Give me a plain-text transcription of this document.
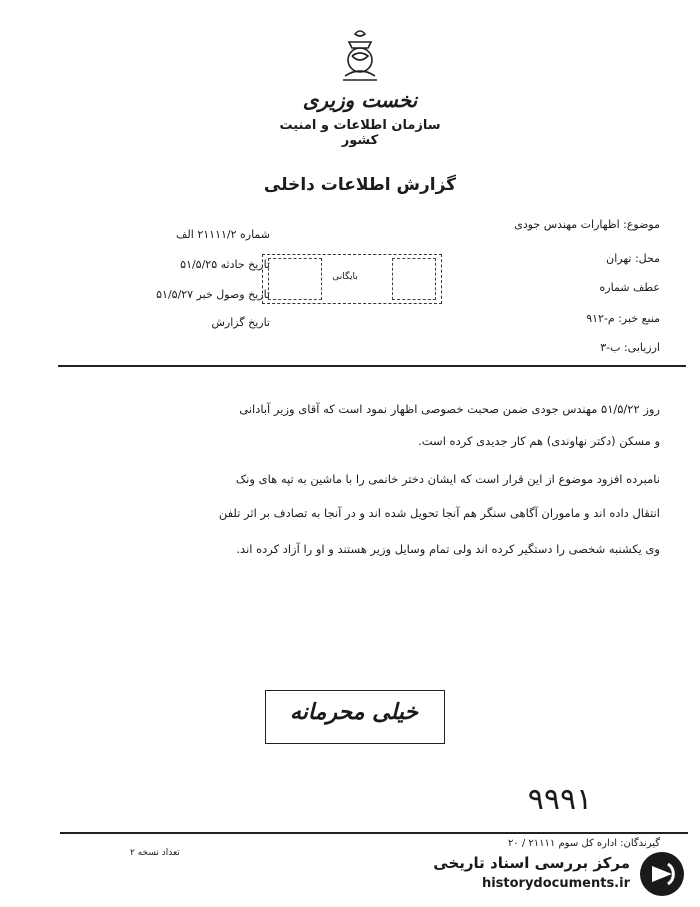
نخست وزیری
سازمان اطلاعات و امنیت کشور
گزارش اطلاعات داخلی
موضوع: اظهارات مهندس جودی
محل: تهران
عطف شماره
منبع خبر: م-۹۱۲
ارزیابی: ب-۳
شماره ۲۱۱۱۱/۲ الف
تاریخ حادثه ۵۱/۵/۲۵
تاریخ وصول خبر ۵۱/۵/۲۷
تاریخ گزارش
بایگانی
روز ۵۱/۵/۲۲ مهندس جودی ضمن صحبت خصوصی اظهار نمود است که آقای وزیر آبادانی
و مسکن (دکتر نهاوندی) هم کار جدیدی کرده است.
نامبرده افزود موضوع از این قرار است که ایشان دختر خانمی را با ماشین به تپه های ونک
انتقال داده اند و ماموران آگاهی سنگر هم آنجا تحویل شده اند و در آنجا به تصادف بر اثر تلفن
وی یکشنبه شخصی را دستگیر کرده اند ولی تمام وسایل وزیر هستند و او را آزاد کرده اند.
خیلی محرمانه
۹۹۹۱
گیرندگان: اداره کل سوم ۲۱۱۱۱ / ۲۰
تعداد نسخه ۲
مرکز بررسی اسناد تاریخی
historydocuments.ir
